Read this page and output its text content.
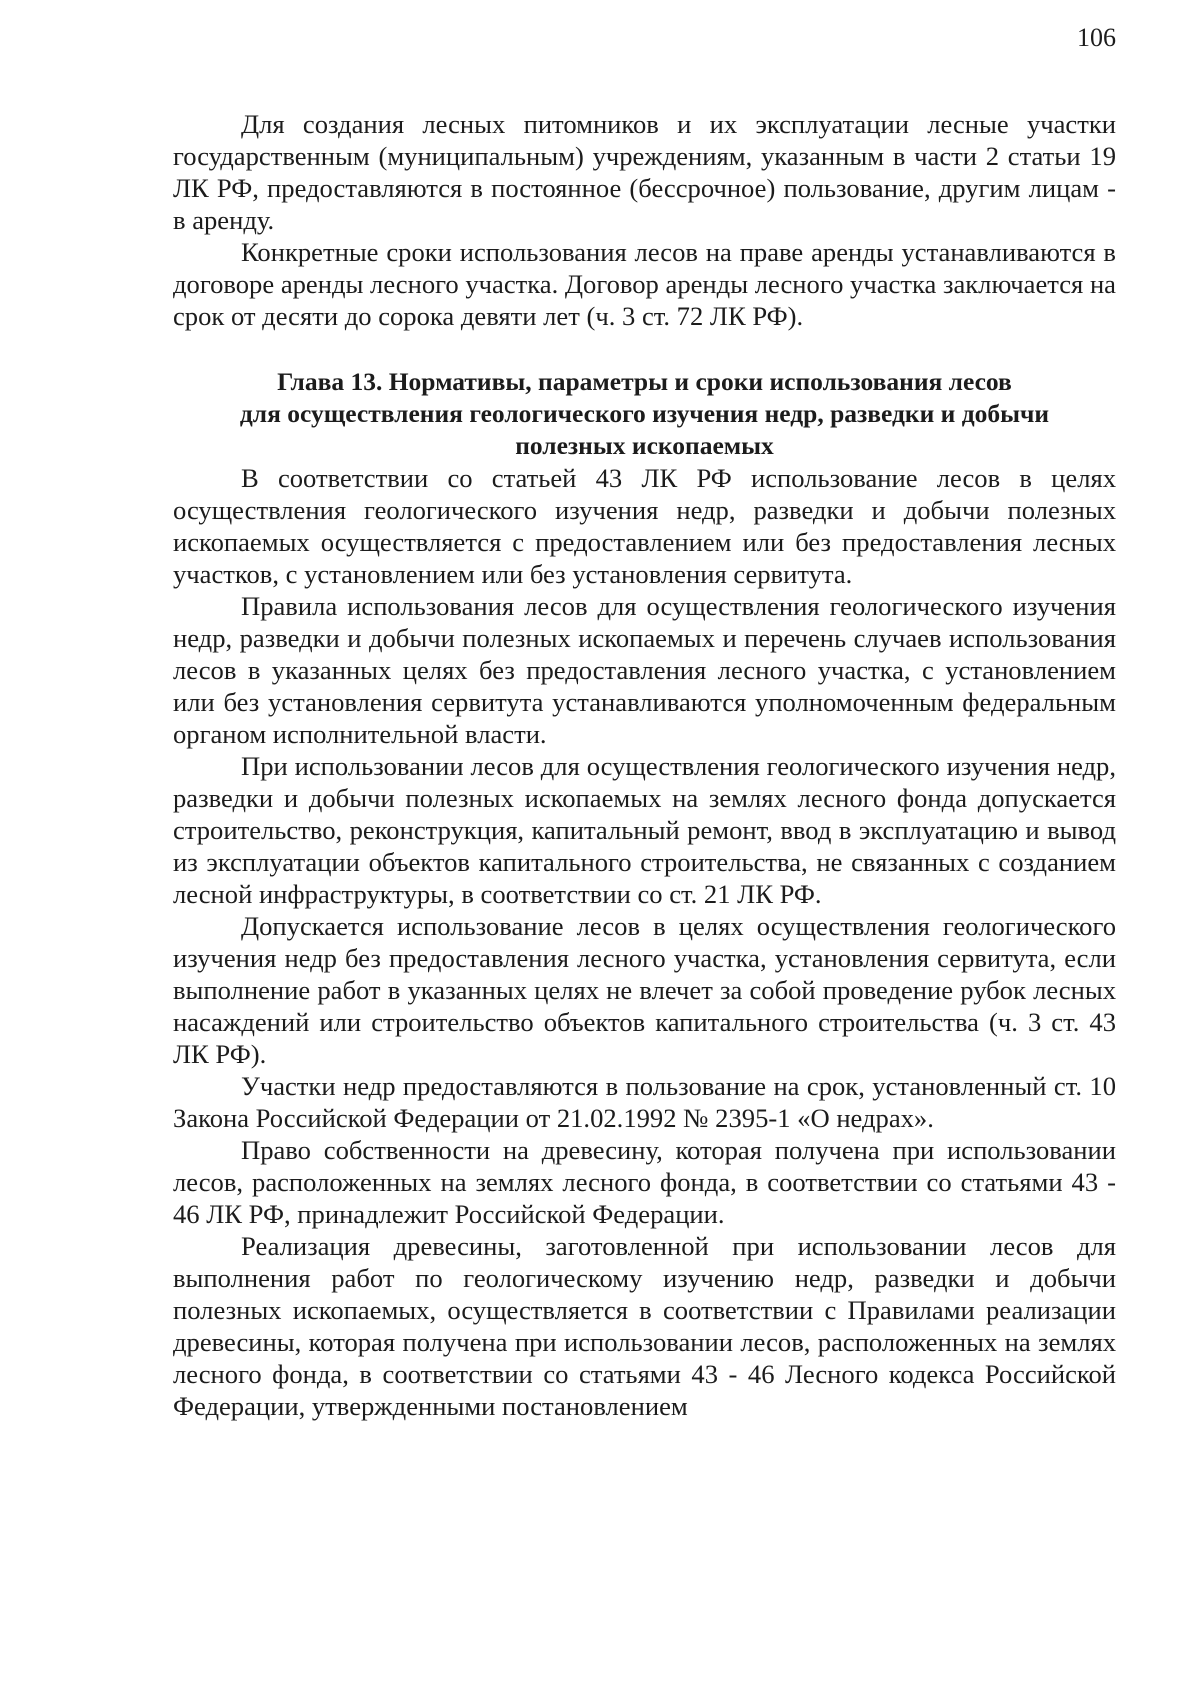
106

Для создания лесных питомников и их эксплуатации лесные участки государственным (муниципальным) учреждениям, указанным в части 2 статьи 19 ЛК РФ, предоставляются в постоянное (бессрочное) пользование, другим лицам - в аренду.

Конкретные сроки использования лесов на праве аренды устанавливаются в договоре аренды лесного участка. Договор аренды лесного участка заключается на срок от десяти до сорока девяти лет (ч. 3 ст. 72 ЛК РФ).

Глава 13. Нормативы, параметры и сроки использования лесов
для осуществления геологического изучения недр, разведки и добычи
полезных ископаемых

В соответствии со статьей 43 ЛК РФ использование лесов в целях осуществления геологического изучения недр, разведки и добычи полезных ископаемых осуществляется с предоставлением или без предоставления лесных участков, с установлением или без установления сервитута.

Правила использования лесов для осуществления геологического изучения недр, разведки и добычи полезных ископаемых и перечень случаев использования лесов в указанных целях без предоставления лесного участка, с установлением или без установления сервитута устанавливаются уполномоченным федеральным органом исполнительной власти.

При использовании лесов для осуществления геологического изучения недр, разведки и добычи полезных ископаемых на землях лесного фонда допускается строительство, реконструкция, капитальный ремонт, ввод в эксплуатацию и вывод из эксплуатации объектов капитального строительства, не связанных с созданием лесной инфраструктуры, в соответствии со ст. 21 ЛК РФ.

Допускается использование лесов в целях осуществления геологического изучения недр без предоставления лесного участка, установления сервитута, если выполнение работ в указанных целях не влечет за собой проведение рубок лесных насаждений или строительство объектов капитального строительства (ч. 3 ст. 43 ЛК РФ).

Участки недр предоставляются в пользование на срок, установленный ст. 10 Закона Российской Федерации от 21.02.1992 № 2395-1 «О недрах».

Право собственности на древесину, которая получена при использовании лесов, расположенных на землях лесного фонда, в соответствии со статьями 43 - 46 ЛК РФ, принадлежит Российской Федерации.

Реализация древесины, заготовленной при использовании лесов для выполнения работ по геологическому изучению недр, разведки и добычи полезных ископаемых, осуществляется в соответствии с Правилами реализации древесины, которая получена при использовании лесов, расположенных на землях лесного фонда, в соответствии со статьями 43 - 46 Лесного кодекса Российской Федерации, утвержденными постановлением
